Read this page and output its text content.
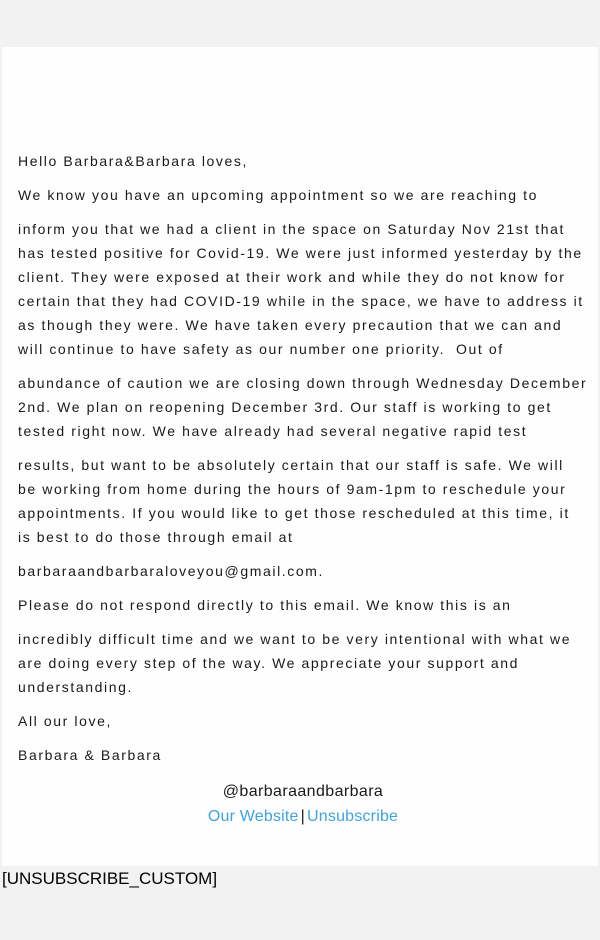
Hello Barbara&Barbara loves,

We know you have an upcoming appointment so we are reaching to

inform you that we had a client in the space on Saturday Nov 21st that has tested positive for Covid-19. We were just informed yesterday by the client. They were exposed at their work and while they do not know for certain that they had COVID-19 while in the space, we have to address it as though they were. We have taken every precaution that we can and will continue to have safety as our number one priority.  Out of

abundance of caution we are closing down through Wednesday December 2nd. We plan on reopening December 3rd. Our staff is working to get tested right now. We have already had several negative rapid test

results, but want to be absolutely certain that our staff is safe. We will be working from home during the hours of 9am-1pm to reschedule your appointments. If you would like to get those rescheduled at this time, it is best to do those through email at

barbaraandbarbaraloveyou@gmail.com.

Please do not respond directly to this email. We know this is an

incredibly difficult time and we want to be very intentional with what we are doing every step of the way. We appreciate your support and understanding.

All our love,

Barbara & Barbara

@barbaraandbarbara
Our Website | Unsubscribe
[UNSUBSCRIBE_CUSTOM]
